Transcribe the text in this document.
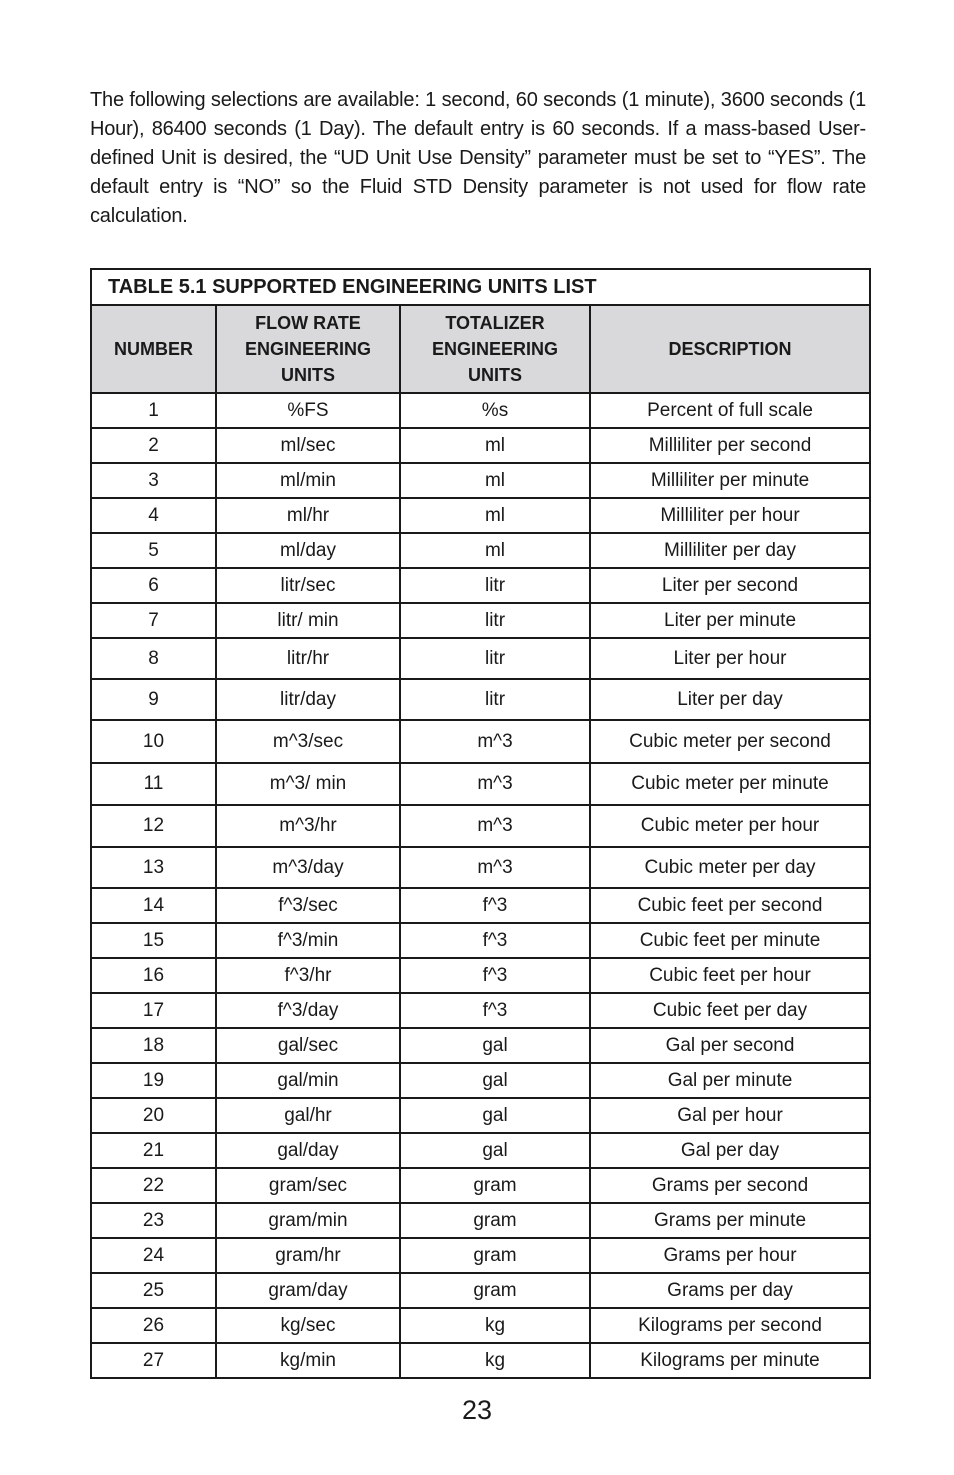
The following selections are available: 1 second, 60 seconds (1 minute), 3600 seconds (1 Hour), 86400 seconds (1 Day). The default entry is 60 seconds. If a mass-based User-defined Unit is desired, the “UD Unit Use Density” parameter must be set to “YES”. The default entry is “NO” so the Fluid STD Density parameter is not used for flow rate calculation.

TABLE 5.1 SUPPORTED ENGINEERING UNITS LIST			
NUMBER	FLOW RATE ENGINEERING UNITS	TOTALIZER ENGINEERING UNITS	DESCRIPTION
1	%FS	%s	Percent of full scale
2	ml/sec	ml	Milliliter per second
3	ml/min	ml	Milliliter per minute
4	ml/hr	ml	Milliliter per hour
5	ml/day	ml	Milliliter per day
6	litr/sec	litr	Liter per second
7	litr/ min	litr	Liter per minute
8	litr/hr	litr	Liter per hour
9	litr/day	litr	Liter per day
10	m^3/sec	m^3	Cubic meter per second
11	m^3/ min	m^3	Cubic meter per minute
12	m^3/hr	m^3	Cubic meter per hour
13	m^3/day	m^3	Cubic meter per day
14	f^3/sec	f^3	Cubic feet per second
15	f^3/min	f^3	Cubic feet per minute
16	f^3/hr	f^3	Cubic feet per hour
17	f^3/day	f^3	Cubic feet per day
18	gal/sec	gal	Gal per second
19	gal/min	gal	Gal per minute
20	gal/hr	gal	Gal per hour
21	gal/day	gal	Gal per day
22	gram/sec	gram	Grams per second
23	gram/min	gram	Grams per minute
24	gram/hr	gram	Grams per hour
25	gram/day	gram	Grams per day
26	kg/sec	kg	Kilograms per second
27	kg/min	kg	Kilograms per minute

23
